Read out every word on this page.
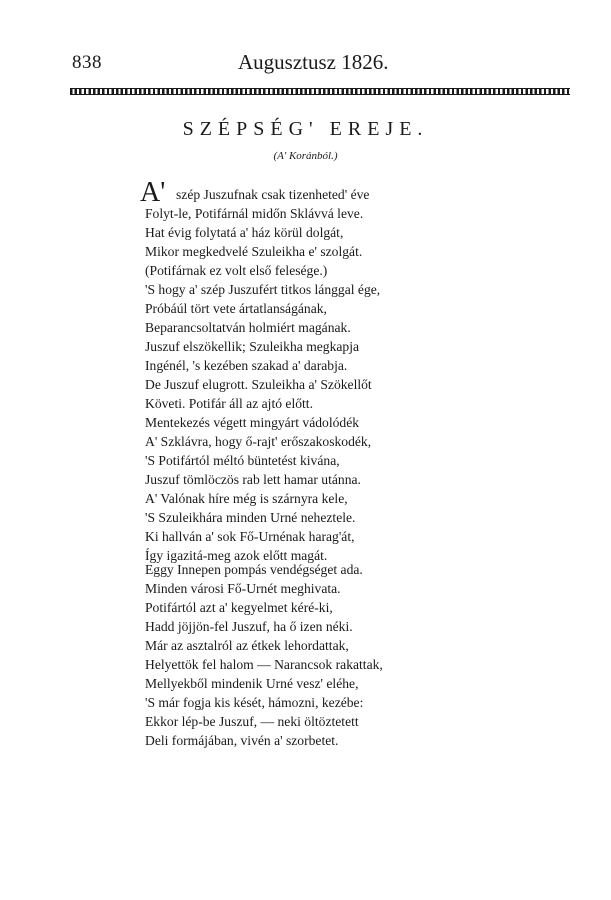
838	Augusztusz 1826.
SZÉPSÉG' EREJE.
(A' Koránból.)
A' szép Juszufnak csak tizenheted' éve
Folyt-le, Potifárnál midőn Sklávvá leve.
Hat évig folytatá a' ház körül dolgát,
Mikor megkedvelé Szuleikha e' szolgát.
(Potifárnak ez volt első felesége.)
'S hogy a' szép Juszufért titkos lánggal ége,
Próbáúl tört vete ártatlanságának,
Beparancsoltatván holmiért magának.
Juszuf elszökellik; Szuleikha megkapja
Ingénél, 's kezében szakad a' darabja.
De Juszuf elugrott. Szuleikha a' Szökellőt
Követi. Potifár áll az ajtó előtt.
Mentekezés végett mingyárt vádolódék
A' Szklávra, hogy ő-rajt' erőszakoskodék,
'S Potifártól méltó büntetést kivána,
Juszuf tömlöczös rab lett hamar utánna.
A' Valónak híre még is szárnyra kele,
'S Szuleikhára minden Urné neheztele.
Ki hallván a' sok Fő-Urnénak harag'át,
Így igazitá-meg azok előtt magát.
Eggy Innepen pompás vendégséget ada.
Minden városi Fő-Urnét meghivata.
Potifártól azt a' kegyelmet kéré-ki,
Hadd jöjjön-fel Juszuf, ha ő izen néki.
Már az asztalról az étkek lehordattak,
Helyettök fel halom — Narancsok rakattak,
Mellyekből mindenik Urné vesz' eléhe,
'S már fogja kis kését, hámozni, kezébe:
Ekkor lép-be Juszuf, — neki öltöztetett
Deli formájában, vivén a' szorbetet.
